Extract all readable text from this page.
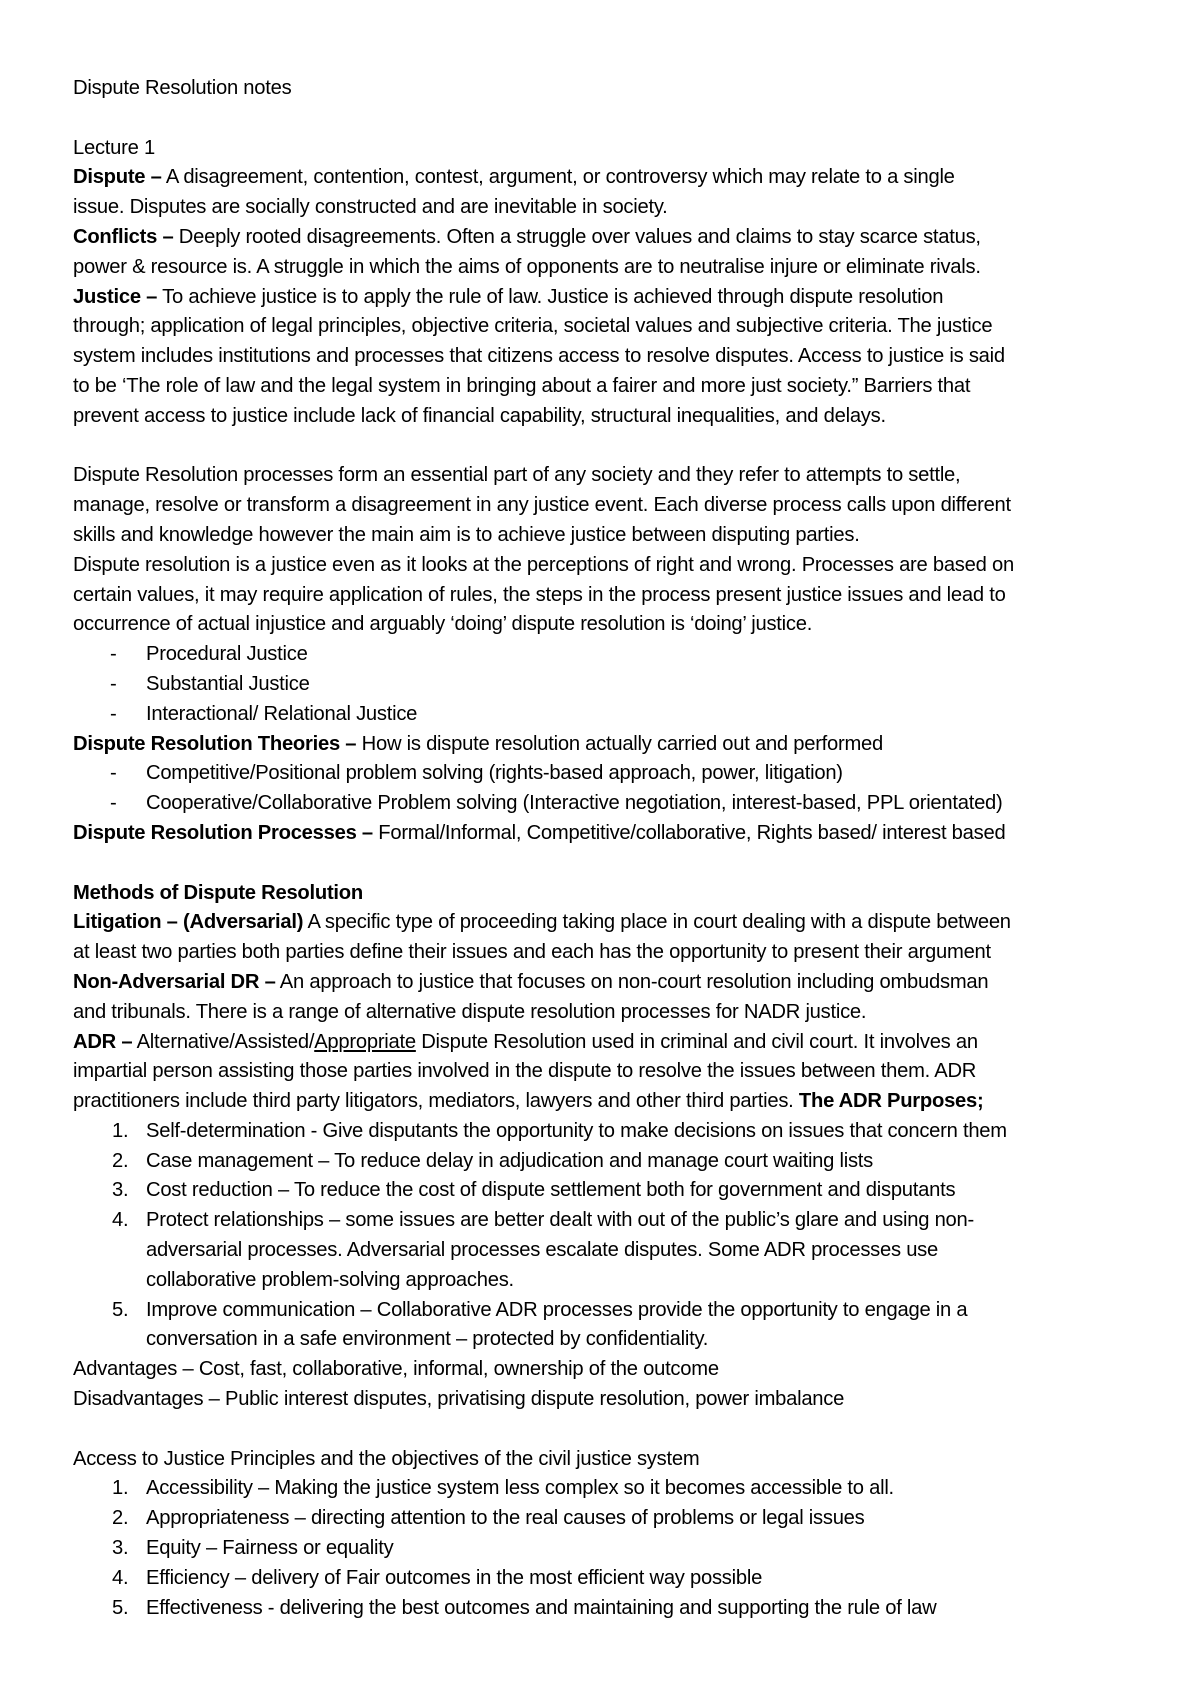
Dispute Resolution notes
Lecture 1
Dispute – A disagreement, contention, contest, argument, or controversy which may relate to a single
issue. Disputes are socially constructed and are inevitable in society.
Conflicts – Deeply rooted disagreements. Often a struggle over values and claims to stay scarce status,
power & resource is. A struggle in which the aims of opponents are to neutralise injure or eliminate rivals.
Justice – To achieve justice is to apply the rule of law. Justice is achieved through dispute resolution
through; application of legal principles, objective criteria, societal values and subjective criteria. The justice
system includes institutions and processes that citizens access to resolve disputes. Access to justice is said
to be ‘The role of law and the legal system in bringing about a fairer and more just society.” Barriers that
prevent access to justice include lack of financial capability, structural inequalities, and delays.
Dispute Resolution processes form an essential part of any society and they refer to attempts to settle,
manage, resolve or transform a disagreement in any justice event. Each diverse process calls upon different
skills and knowledge however the main aim is to achieve justice between disputing parties.
Dispute resolution is a justice even as it looks at the perceptions of right and wrong. Processes are based on
certain values, it may require application of rules, the steps in the process present justice issues and lead to
occurrence of actual injustice and arguably ‘doing’ dispute resolution is ‘doing’ justice.
- Procedural Justice
- Substantial Justice
- Interactional/ Relational Justice
Dispute Resolution Theories – How is dispute resolution actually carried out and performed
- Competitive/Positional problem solving (rights-based approach, power, litigation)
- Cooperative/Collaborative Problem solving (Interactive negotiation, interest-based, PPL orientated)
Dispute Resolution Processes – Formal/Informal, Competitive/collaborative, Rights based/ interest based
Methods of Dispute Resolution
Litigation – (Adversarial) A specific type of proceeding taking place in court dealing with a dispute between
at least two parties both parties define their issues and each has the opportunity to present their argument
Non-Adversarial DR – An approach to justice that focuses on non-court resolution including ombudsman
and tribunals. There is a range of alternative dispute resolution processes for NADR justice.
ADR – Alternative/Assisted/Appropriate Dispute Resolution used in criminal and civil court. It involves an
impartial person assisting those parties involved in the dispute to resolve the issues between them. ADR
practitioners include third party litigators, mediators, lawyers and other third parties. The ADR Purposes;
1. Self-determination - Give disputants the opportunity to make decisions on issues that concern them
2. Case management – To reduce delay in adjudication and manage court waiting lists
3. Cost reduction – To reduce the cost of dispute settlement both for government and disputants
4. Protect relationships – some issues are better dealt with out of the public’s glare and using non-
adversarial processes. Adversarial processes escalate disputes. Some ADR processes use
collaborative problem-solving approaches.
5. Improve communication – Collaborative ADR processes provide the opportunity to engage in a
conversation in a safe environment – protected by confidentiality.
Advantages – Cost, fast, collaborative, informal, ownership of the outcome
Disadvantages – Public interest disputes, privatising dispute resolution, power imbalance
Access to Justice Principles and the objectives of the civil justice system
1. Accessibility – Making the justice system less complex so it becomes accessible to all.
2. Appropriateness – directing attention to the real causes of problems or legal issues
3. Equity – Fairness or equality
4. Efficiency – delivery of Fair outcomes in the most efficient way possible
5. Effectiveness - delivering the best outcomes and maintaining and supporting the rule of law
